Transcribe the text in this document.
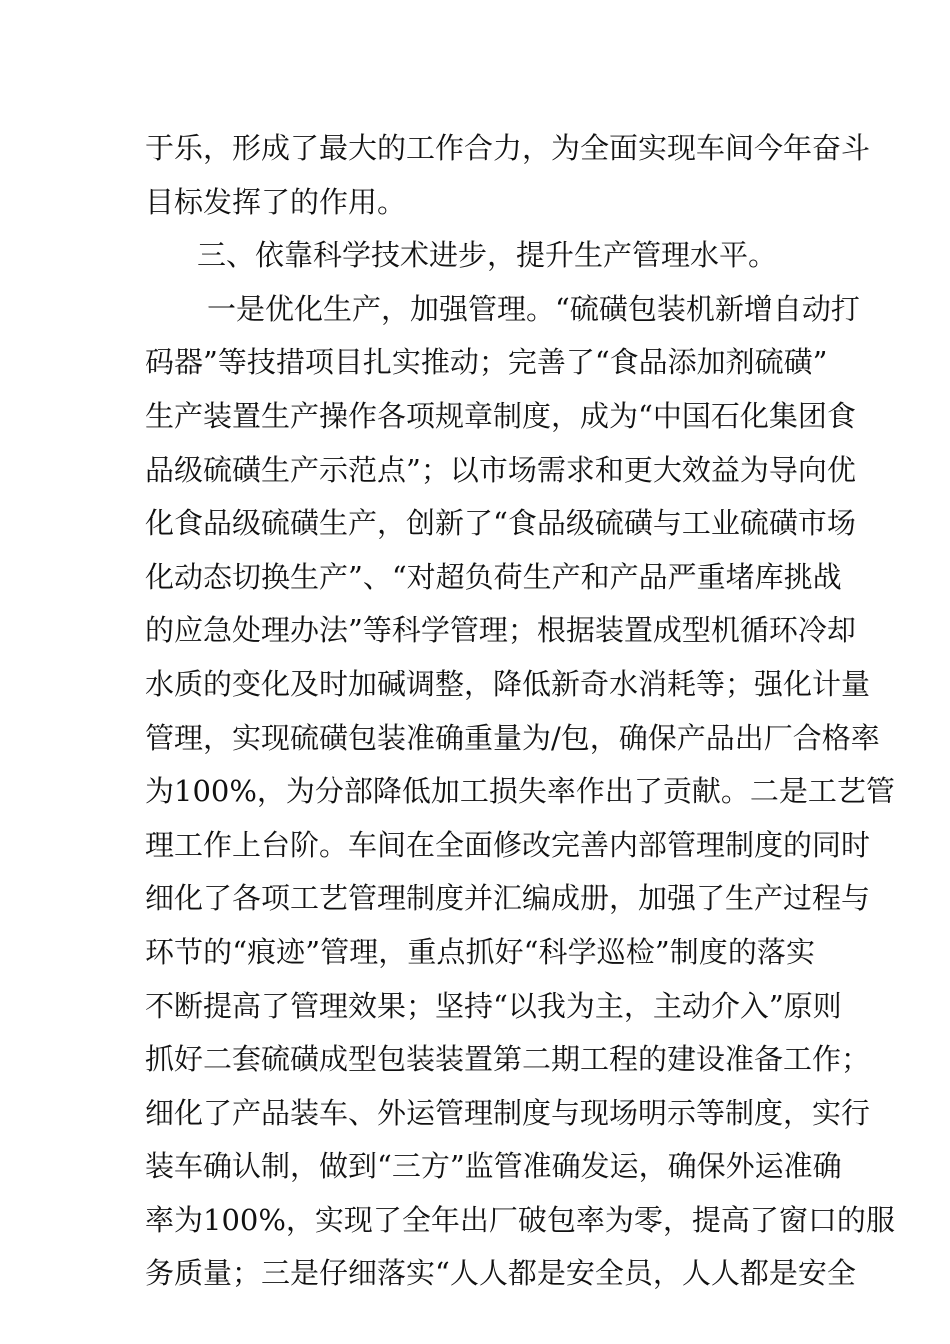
于乐，形成了最大的工作合力，为全面实现车间今年奋斗
目标发挥了的作用。
三、依靠科学技术进步，提升生产管理水平。
一是优化生产，加强管理。“硫磺包装机新增自动打
码器”等技措项目扎实推动；完善了“食品添加剂硫磺”
生产装置生产操作各项规章制度，成为“中国石化集团食
品级硫磺生产示范点”；以市场需求和更大效益为导向优
化食品级硫磺生产，创新了“食品级硫磺与工业硫磺市场
化动态切换生产”、“对超负荷生产和产品严重堵库挑战
的应急处理办法”等科学管理；根据装置成型机循环冷却
水质的变化及时加碱调整，降低新奇水消耗等；强化计量
管理，实现硫磺包装准确重量为/包，确保产品出厂合格率
为100%，为分部降低加工损失率作出了贡献。二是工艺管
理工作上台阶。车间在全面修改完善内部管理制度的同时
细化了各项工艺管理制度并汇编成册，加强了生产过程与
环节的“痕迹”管理，重点抓好“科学巡检”制度的落实
不断提高了管理效果；坚持“以我为主，主动介入”原则
抓好二套硫磺成型包装装置第二期工程的建设准备工作；
细化了产品装车、外运管理制度与现场明示等制度，实行
装车确认制，做到“三方”监管准确发运，确保外运准确
率为100%，实现了全年出厂破包率为零，提高了窗口的服
务质量；三是仔细落实“人人都是安全员，人人都是安全
